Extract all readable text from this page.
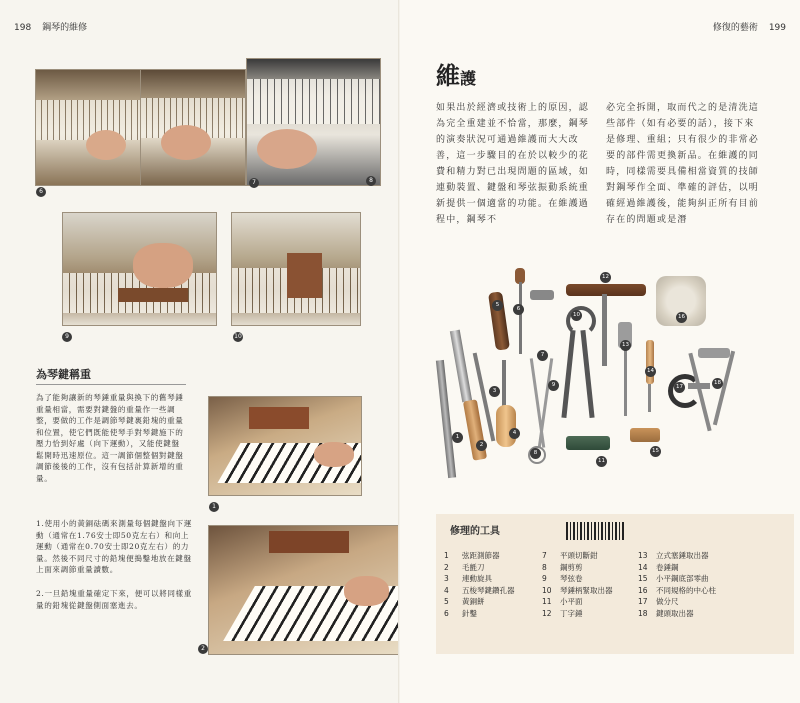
198 鋼琴的維修
6
7	8
9	10
為琴鍵稱重
為了能夠讓新的琴錘重量與換下的舊琴錘重量相當，需要對鍵盤的重量作一些調整，要做的工作是調節琴鍵裏鉛塊的重量和位置，使它們既能使琴手對琴鍵施下的壓力恰到好處（向下運動），又能使鍵盤鬆開時迅速原位。這一調節個整個對鍵盤調節後後的工作，沒有包括計算新增的重量。
1.使用小的黃銅砝碼來測量每個鍵盤向下運動（通常在1.76安士即50克左右）和向上運動（通常在0.70安士即20克左右）的力量。然後不同尺寸的鉛塊便搗鑿地放在鍵盤上面來調節重量讀數。
2.一旦鉛塊重量確定下來，便可以將同樣重量的鉛塊從鍵盤側面塞進去。
1
2
修復的藝術 199
維護
如果出於經濟或技術上的原因，認為完全重建並不恰當，那麼，鋼琴的演奏狀況可通過維護而大大改善，這一步驟目的在於以較少的花費和精力對已出現問題的區域，如連動裝置、鍵盤和琴弦振動系統重新提供一個適當的功能。在維護過程中，鋼琴不
必完全拆開，取而代之的是清洗這些部件（如有必要的話），接下來是修理、重組；只有很少的非常必要的部件需更換新品。在維護的同時，同樣需要具備相當資質的技師對鋼琴作全面、準確的評估，以明確經過維護後，能夠糾正所有目前存在的問題或是潛
1
2
3
4
5
6
7
8
9
10
11
12
13
14
15
16
17
18
修理的工具
1 弦距測節器
2 毛氈刀
3 連動旋具
4 五梭琴鍵鑽孔器
5 黃銅餅
6 針鑿
7 平頭切斷鉗
8 鋼剪剪
9 琴弦卷
10 琴錘柄緊取出器
11 小平面
12 丁字錘
13 立式塞錘取出器
14 卷錘鋼
15 小平鋼底部零曲
16 不同規格的中心柱
17 做分尺
18 鍵頭取出器
